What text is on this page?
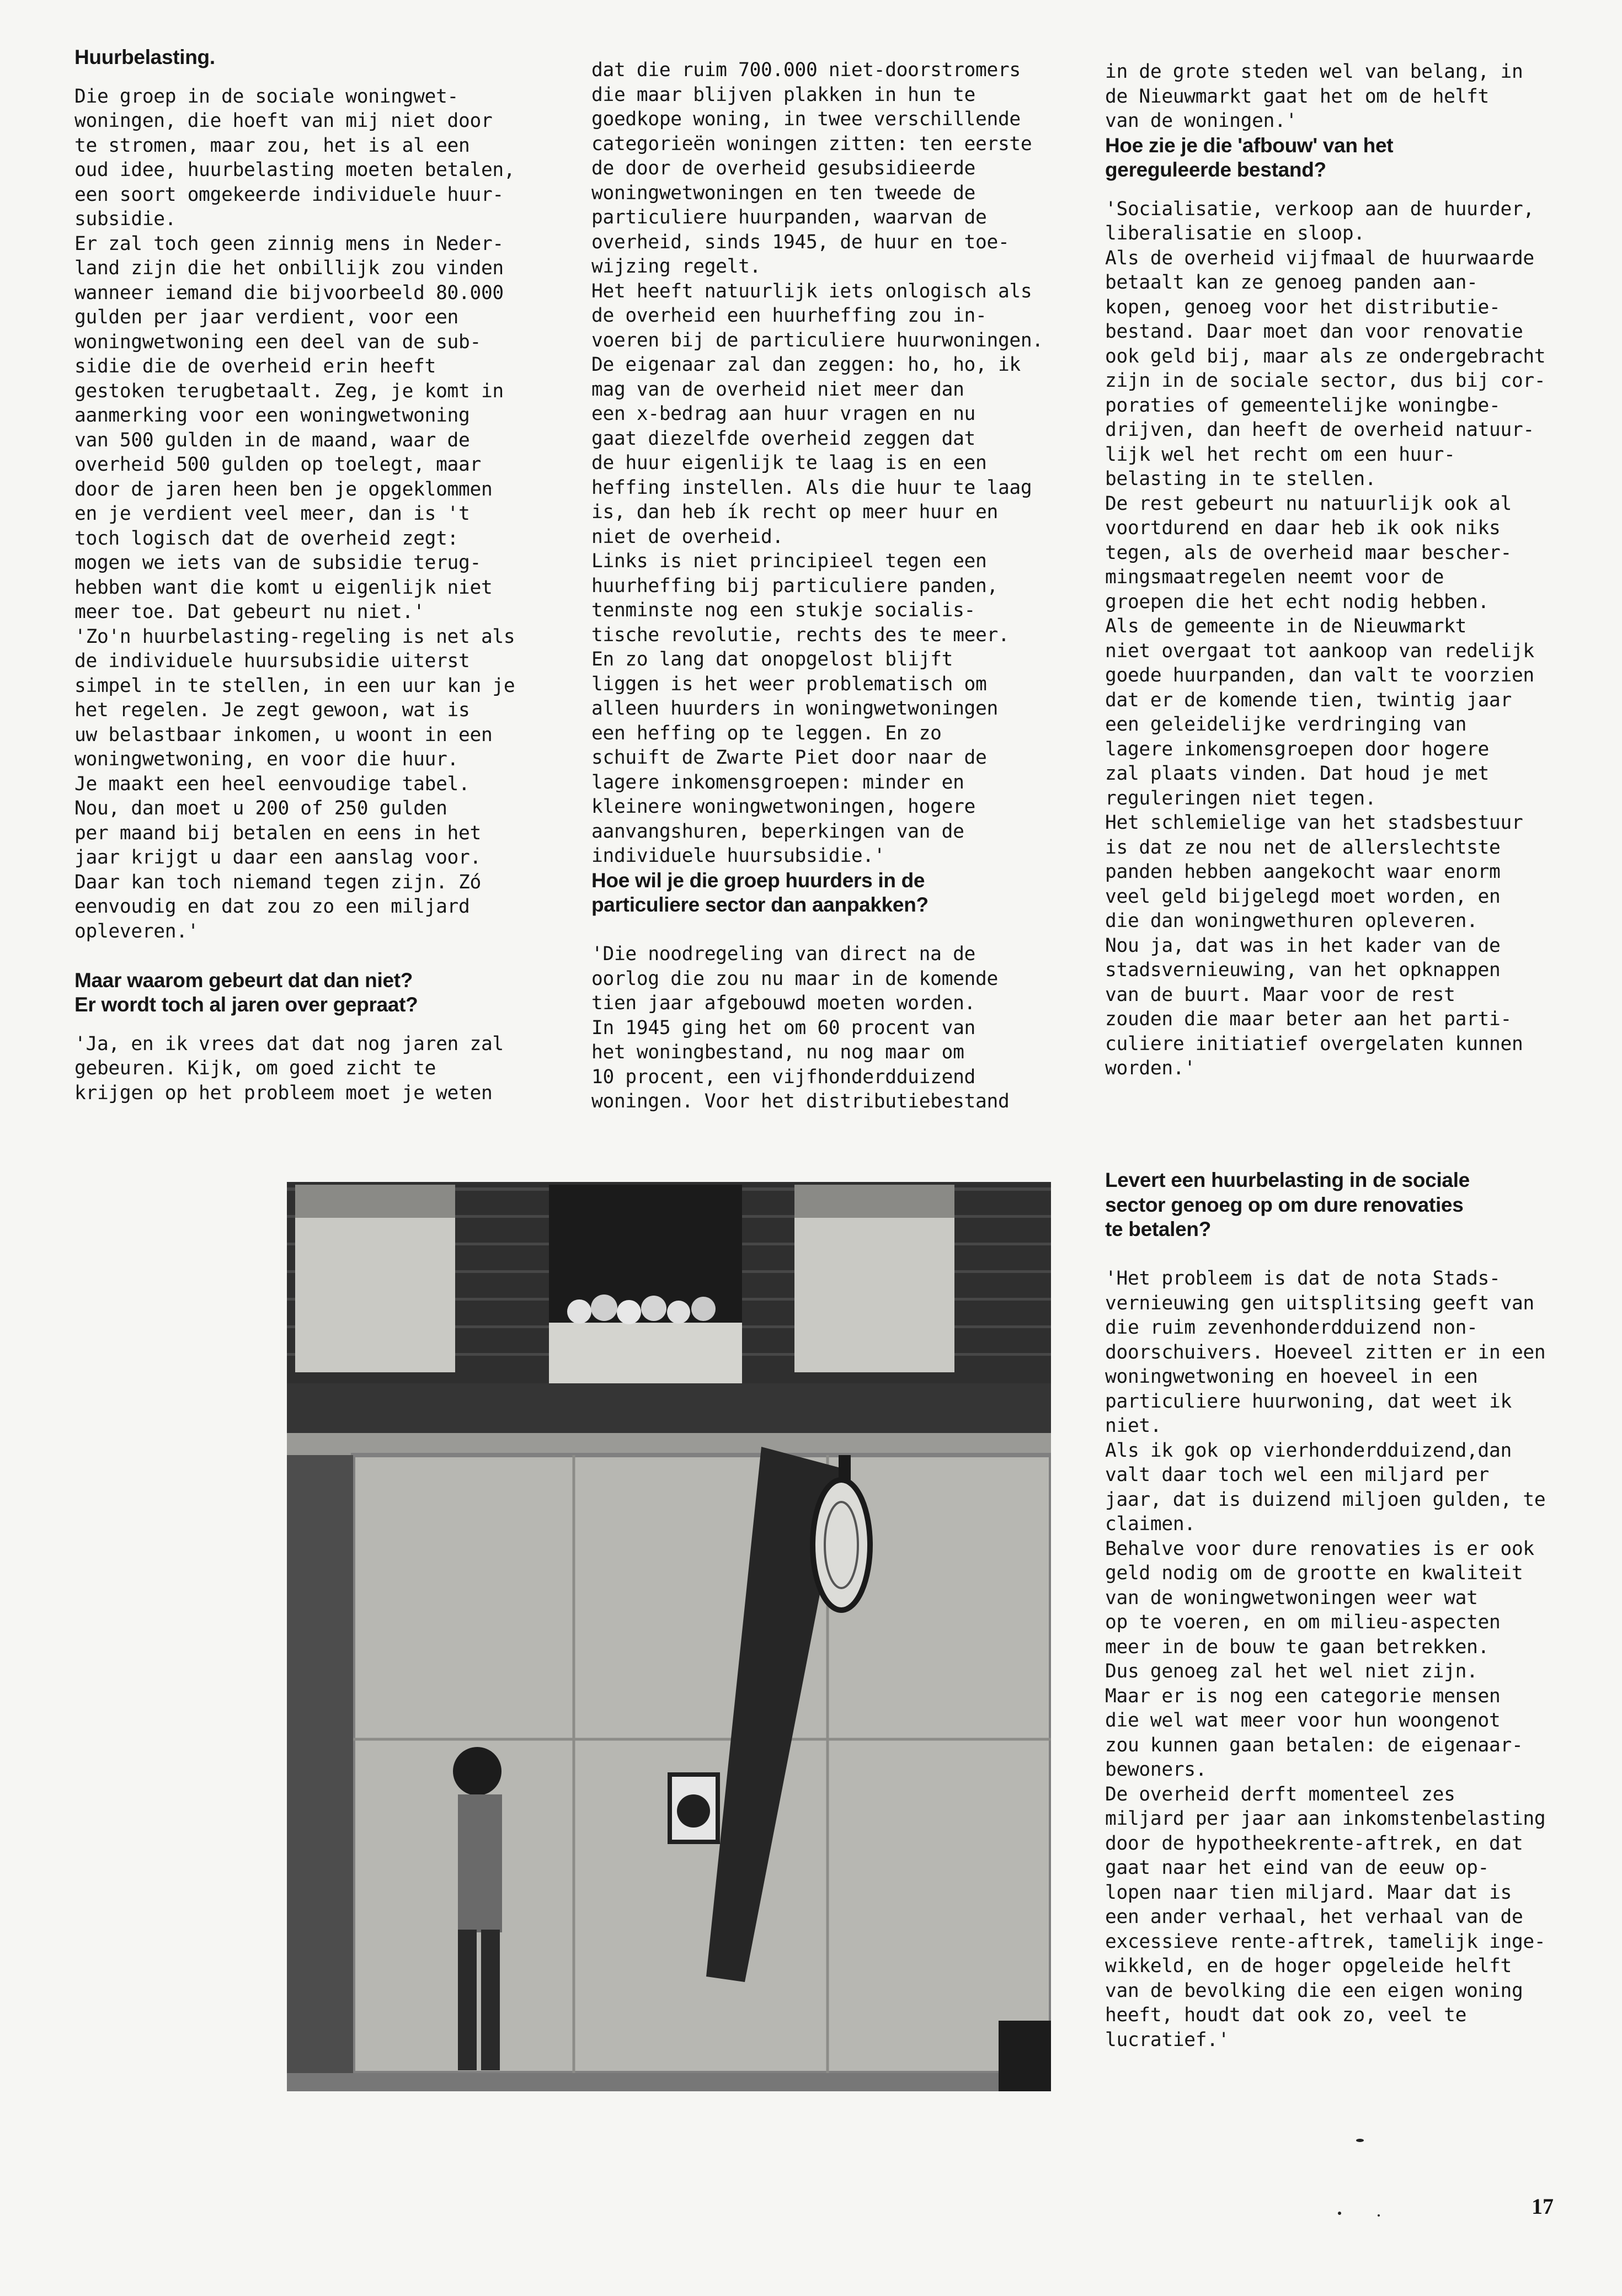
Huurbelasting.

Die groep in de sociale woningwet-

woningen, die hoeft van mij niet door

te stromen, maar zou, het is al een

oud idee, huurbelasting moeten betalen,

een soort omgekeerde individuele huur-

subsidie.

Er zal toch geen zinnig mens in Neder-

land zijn die het onbillijk zou vinden

wanneer iemand die bijvoorbeeld 80.000

gulden per jaar verdient, voor een

woningwetwoning een deel van de sub-

sidie die de overheid erin heeft

gestoken terugbetaalt. Zeg, je komt in

aanmerking voor een woningwetwoning

van 500 gulden in de maand, waar de

overheid 500 gulden op toelegt, maar

door de jaren heen ben je opgeklommen

en je verdient veel meer, dan is 't

toch logisch dat de overheid zegt:

mogen we iets van de subsidie terug-

hebben want die komt u eigenlijk niet

meer toe. Dat gebeurt nu niet.'

'Zo'n huurbelasting-regeling is net als

de individuele huursubsidie uiterst

simpel in te stellen, in een uur kan je

het regelen. Je zegt gewoon, wat is

uw belastbaar inkomen, u woont in een

woningwetwoning, en voor die huur.

Je maakt een heel eenvoudige tabel.

Nou, dan moet u 200 of 250 gulden

per maand bij betalen en eens in het

jaar krijgt u daar een aanslag voor.

Daar kan toch niemand tegen zijn. Zó

eenvoudig en dat zou zo een miljard

opleveren.'

Maar waarom gebeurt dat dan niet?
Er wordt toch al jaren over gepraat?

'Ja, en ik vrees dat dat nog jaren zal

gebeuren. Kijk, om goed zicht te

krijgen op het probleem moet je weten

dat die ruim 700.000 niet-doorstromers

die maar blijven plakken in hun te

goedkope woning, in twee verschillende

categorieën woningen zitten: ten eerste

de door de overheid gesubsidieerde

woningwetwoningen en ten tweede de

particuliere huurpanden, waarvan de

overheid, sinds 1945, de huur en toe-

wijzing regelt.

Het heeft natuurlijk iets onlogisch als

de overheid een huurheffing zou in-

voeren bij de particuliere huurwoningen.

De eigenaar zal dan zeggen: ho, ho, ik

mag van de overheid niet meer dan

een x-bedrag aan huur vragen en nu

gaat diezelfde overheid zeggen dat

de huur eigenlijk te laag is en een

heffing instellen. Als die huur te laag

is, dan heb ík recht op meer huur en

niet de overheid.

Links is niet principieel tegen een

huurheffing bij particuliere panden,

tenminste nog een stukje socialis-

tische revolutie, rechts des te meer.

En zo lang dat onopgelost blijft

liggen is het weer problematisch om

alleen huurders in woningwetwoningen

een heffing op te leggen. En zo

schuift de Zwarte Piet door naar de

lagere inkomensgroepen: minder en

kleinere woningwetwoningen, hogere

aanvangshuren, beperkingen van de

individuele huursubsidie.'

Hoe wil je die groep huurders in de
particuliere sector dan aanpakken?

'Die noodregeling van direct na de

oorlog die zou nu maar in de komende

tien jaar afgebouwd moeten worden.

In 1945 ging het om 60 procent van

het woningbestand, nu nog maar om

10 procent, een vijfhonderdduizend

woningen. Voor het distributiebestand

in de grote steden wel van belang, in

de Nieuwmarkt gaat het om de helft

van de woningen.'

Hoe zie je die 'afbouw' van het
gereguleerde bestand?

'Socialisatie, verkoop aan de huurder,

liberalisatie en sloop.

Als de overheid vijfmaal de huurwaarde

betaalt kan ze genoeg panden aan-

kopen, genoeg voor het distributie-

bestand. Daar moet dan voor renovatie

ook geld bij, maar als ze ondergebracht

zijn in de sociale sector, dus bij cor-

poraties of gemeentelijke woningbe-

drijven, dan heeft de overheid natuur-

lijk wel het recht om een huur-

belasting in te stellen.

De rest gebeurt nu natuurlijk ook al

voortdurend en daar heb ik ook niks

tegen, als de overheid maar bescher-

mingsmaatregelen neemt voor de

groepen die het echt nodig hebben.

Als de gemeente in de Nieuwmarkt

niet overgaat tot aankoop van redelijk

goede huurpanden, dan valt te voorzien

dat er de komende tien, twintig jaar

een geleidelijke verdringing van

lagere inkomensgroepen door hogere

zal plaats vinden. Dat houd je met

reguleringen niet tegen.

Het schlemielige van het stadsbestuur

is dat ze nou net de allerslechtste

panden hebben aangekocht waar enorm

veel geld bijgelegd moet worden, en

die dan woningwethuren opleveren.

Nou ja, dat was in het kader van de

stadsvernieuwing, van het opknappen

van de buurt. Maar voor de rest

zouden die maar beter aan het parti-

culiere initiatief overgelaten kunnen

worden.'

Levert een huurbelasting in de sociale
sector genoeg op om dure renovaties
te betalen?

'Het probleem is dat de nota Stads-

vernieuwing gen uitsplitsing geeft van

die ruim zevenhonderdduizend non-

doorschuivers. Hoeveel zitten er in een

woningwetwoning en hoeveel in een

particuliere huurwoning, dat weet ik

niet.

Als ik gok op vierhonderdduizend,dan

valt daar toch wel een miljard per

jaar, dat is duizend miljoen gulden, te

claimen.

Behalve voor dure renovaties is er ook

geld nodig om de grootte en kwaliteit

van de woningwetwoningen weer wat

op te voeren, en om milieu-aspecten

meer in de bouw te gaan betrekken.

Dus genoeg zal het wel niet zijn.

Maar er is nog een categorie mensen

die wel wat meer voor hun woongenot

zou kunnen gaan betalen: de eigenaar-

bewoners.

De overheid derft momenteel zes

miljard per jaar aan inkomstenbelasting

door de hypotheekrente-aftrek, en dat

gaat naar het eind van de eeuw op-

lopen naar tien miljard. Maar dat is

een ander verhaal, het verhaal van de

excessieve rente-aftrek, tamelijk inge-

wikkeld, en de hoger opgeleide helft

van de bevolking die een eigen woning

heeft, houdt dat ook zo, veel te

lucratief.'

17
